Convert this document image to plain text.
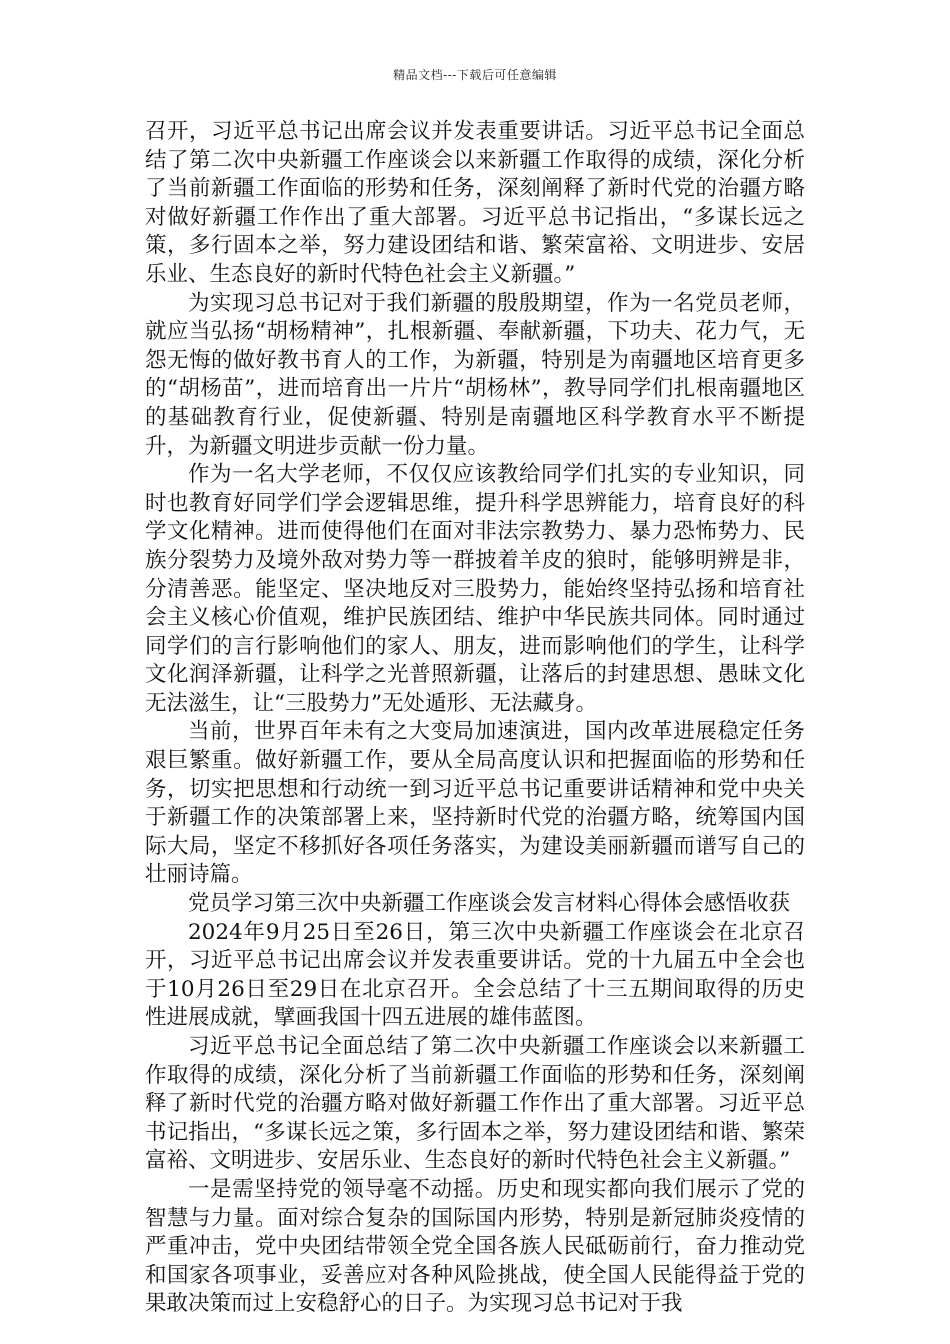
精品文档---下载后可任意编辑

召开，习近平总书记出席会议并发表重要讲话。习近平总书记全面总结了第二次中央新疆工作座谈会以来新疆工作取得的成绩，深化分析了当前新疆工作面临的形势和任务，深刻阐释了新时代党的治疆方略对做好新疆工作作出了重大部署。习近平总书记指出，“多谋长远之策，多行固本之举，努力建设团结和谐、繁荣富裕、文明进步、安居乐业、生态良好的新时代特色社会主义新疆。”

为实现习总书记对于我们新疆的殷殷期望，作为一名党员老师，就应当弘扬“胡杨精神”，扎根新疆、奉献新疆，下功夫、花力气，无怨无悔的做好教书育人的工作，为新疆，特别是为南疆地区培育更多的“胡杨苗”，进而培育出一片片“胡杨林”，教导同学们扎根南疆地区的基础教育行业，促使新疆、特别是南疆地区科学教育水平不断提升，为新疆文明进步贡献一份力量。

作为一名大学老师，不仅仅应该教给同学们扎实的专业知识，同时也教育好同学们学会逻辑思维，提升科学思辨能力，培育良好的科学文化精神。进而使得他们在面对非法宗教势力、暴力恐怖势力、民族分裂势力及境外敌对势力等一群披着羊皮的狼时，能够明辨是非，分清善恶。能坚定、坚决地反对三股势力，能始终坚持弘扬和培育社会主义核心价值观，维护民族团结、维护中华民族共同体。同时通过同学们的言行影响他们的家人、朋友，进而影响他们的学生，让科学文化润泽新疆，让科学之光普照新疆，让落后的封建思想、愚昧文化无法滋生，让“三股势力”无处遁形、无法藏身。

当前，世界百年未有之大变局加速演进，国内改革进展稳定任务艰巨繁重。做好新疆工作，要从全局高度认识和把握面临的形势和任务，切实把思想和行动统一到习近平总书记重要讲话精神和党中央关于新疆工作的决策部署上来，坚持新时代党的治疆方略，统筹国内国际大局，坚定不移抓好各项任务落实，为建设美丽新疆而谱写自己的壮丽诗篇。

党员学习第三次中央新疆工作座谈会发言材料心得体会感悟收获

2024年9月25日至26日，第三次中央新疆工作座谈会在北京召开，习近平总书记出席会议并发表重要讲话。党的十九届五中全会也于10月26日至29日在北京召开。全会总结了十三五期间取得的历史性进展成就，擘画我国十四五进展的雄伟蓝图。

习近平总书记全面总结了第二次中央新疆工作座谈会以来新疆工作取得的成绩，深化分析了当前新疆工作面临的形势和任务，深刻阐释了新时代党的治疆方略对做好新疆工作作出了重大部署。习近平总书记指出，“多谋长远之策，多行固本之举，努力建设团结和谐、繁荣富裕、文明进步、安居乐业、生态良好的新时代特色社会主义新疆。”

一是需坚持党的领导毫不动摇。历史和现实都向我们展示了党的智慧与力量。面对综合复杂的国际国内形势，特别是新冠肺炎疫情的严重冲击，党中央团结带领全党全国各族人民砥砺前行，奋力推动党和国家各项事业，妥善应对各种风险挑战，使全国人民能得益于党的果敢决策而过上安稳舒心的日子。为实现习总书记对于我
